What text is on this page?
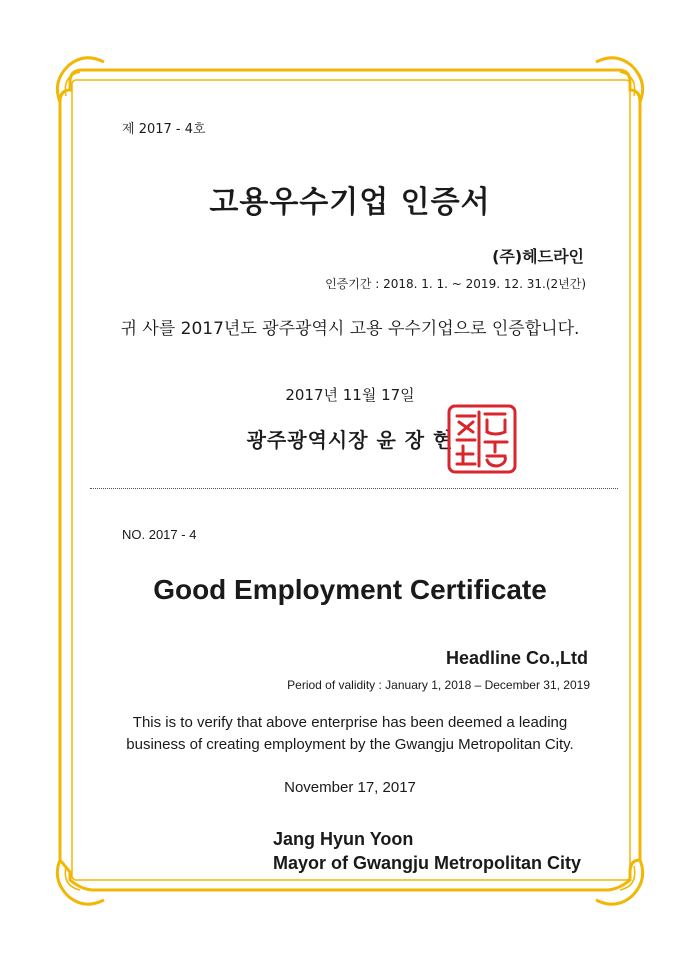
제 2017 - 4호
고용우수기업 인증서
(주)헤드라인
인증기간 : 2018. 1. 1. ~ 2019. 12. 31.(2년간)
귀 사를 2017년도 광주광역시 고용 우수기업으로 인증합니다.
2017년 11월 17일
광주광역시장 윤 장 현
NO. 2017 - 4
Good Employment Certificate
Headline Co.,Ltd
Period of validity : January 1, 2018 – December 31, 2019
This is to verify that above enterprise has been deemed a leading
business of creating employment by the Gwangju Metropolitan City.
November 17, 2017
Jang Hyun Yoon
Mayor of Gwangju Metropolitan City
